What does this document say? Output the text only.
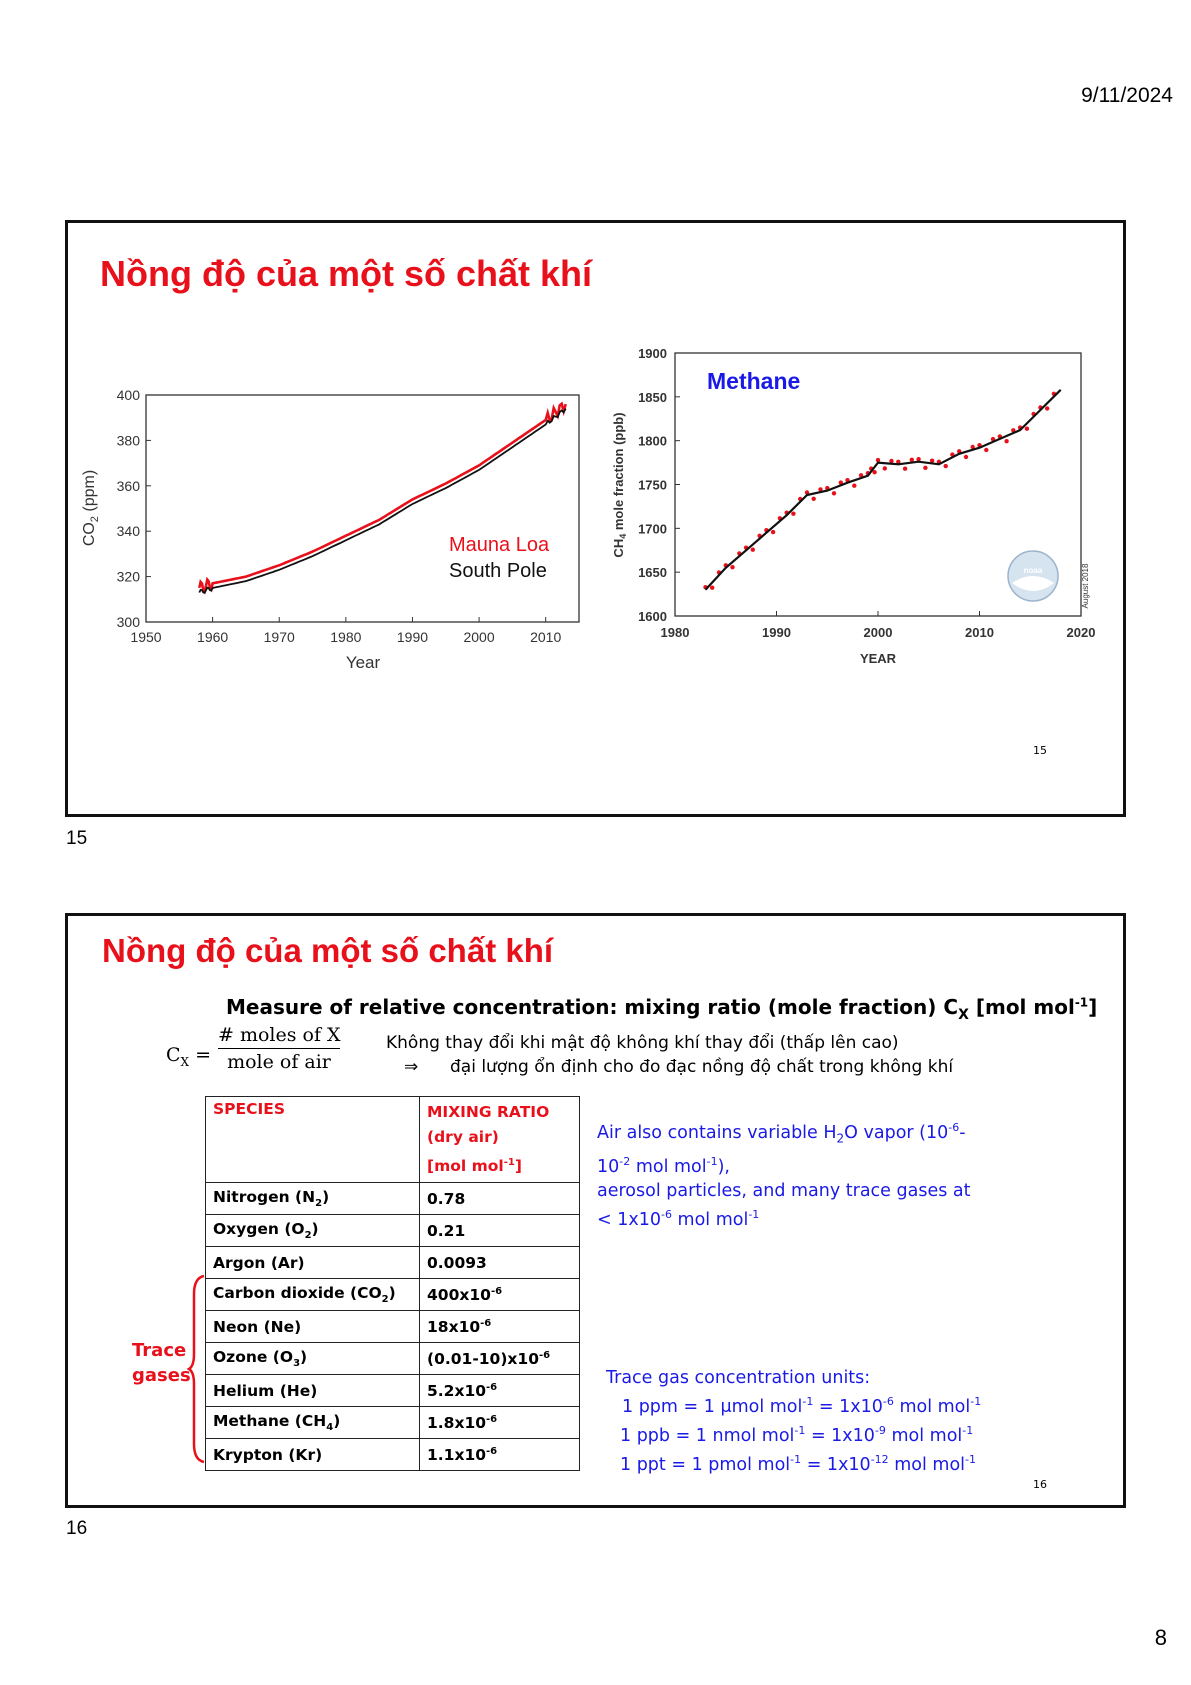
9/11/2024
Nồng độ của một số chất khí
1950	1960	1970	1980	1990	2000	2010
300
320
340
360
380
400
Year
$CO_2$ (ppm)
Mauna Loa
South Pole
1980	1990	2000	2010	2020
1600
1650
1700
1750
1800
1850
1900
Methane
YEAR
$CH_4$ mole fraction (ppb)
August 2018
noaa
15
15
Nồng độ của một số chất khí
16
16
Measure of relative concentration: mixing ratio (mole fraction) $C_X$ [mol mol$^{-1}$]
$C_X$ =
# moles of X
mole of air
Không thay đổi khi mật độ không khí thay đổi (thấp lên cao)
⇒ đại lượng ổn định cho đo đạc nồng độ chất trong không khí
SPECIES	MIXING RATIO
(dry air)
[mol mol$^{-1}$]

Nitrogen $(N_2)$	0.78
Oxygen $(O_2)$	0.21
Argon (Ar)	0.0093
Carbon dioxide $(CO_2)$	$400x10^{-6}$
Neon (Ne)	$18x10^{-6}$
Ozone $(O_3)$	$(0.01-10)x10^{-6}$
Helium (He)	$5.2x10^{-6}$
Methane $(CH_4)$	$1.8x10^{-6}$
Krypton (Kr)	$1.1x10^{-6}$
Trace
gases
Air also contains variable $H_2O$ vapor ($10^{-6}-$
$10^{-2}$ mol mol$^{-1}$),
aerosol particles, and many trace gases at
< $1x10^{-6}$ mol mol$^{-1}$
Trace gas concentration units:
1 ppm = 1 μmol $mol^{-1} = 1x10^{-6}$ mol mol$^{-1}$
1 ppb = 1 nmol $mol^{-1} = 1x10^{-9}$ mol mol$^{-1}$
1 ppt = 1 pmol $mol^{-1} = 1x10^{-12}$ mol mol$^{-1}$
8
